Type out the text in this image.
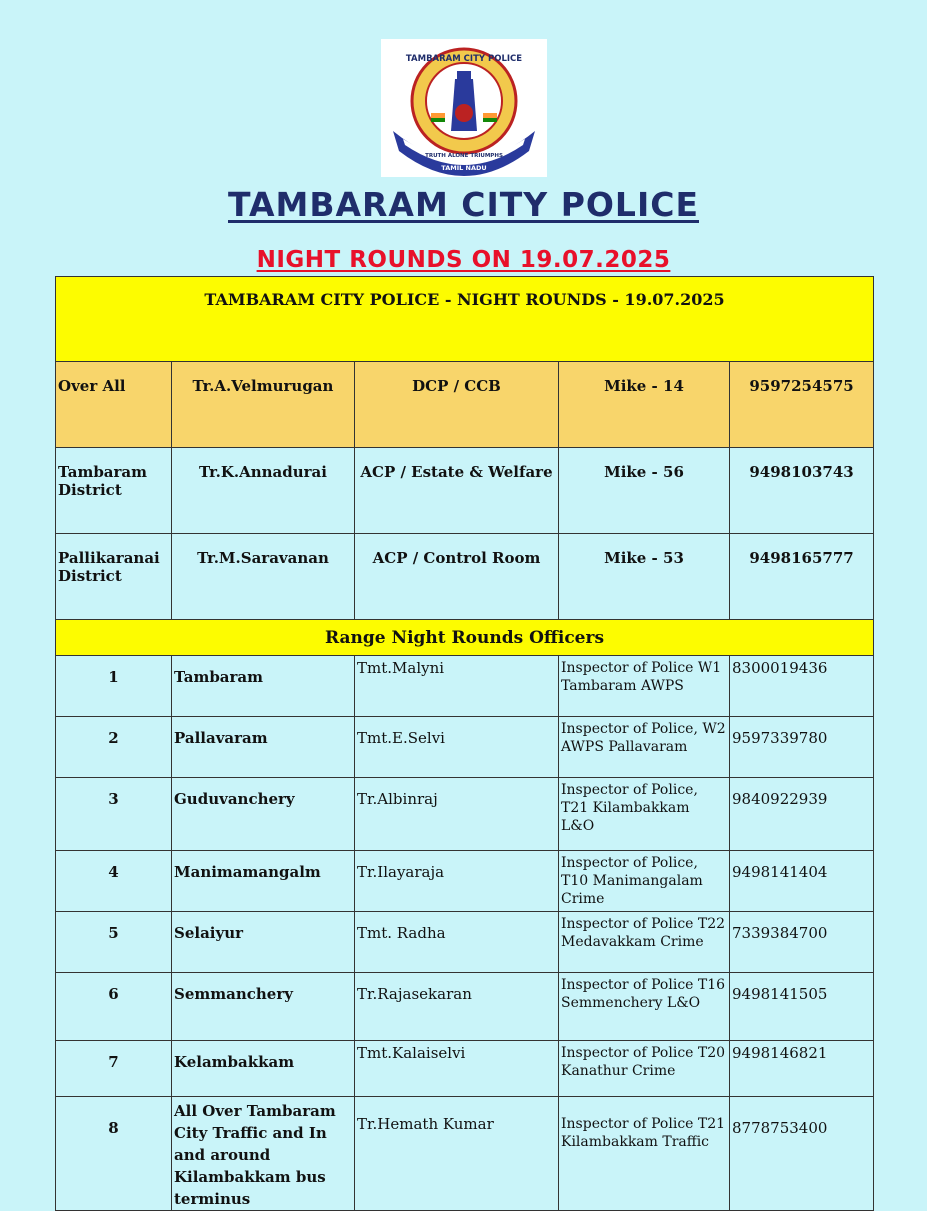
TAMBARAM CITY POLICE
TRUTH ALONE TRIUMPHS
TAMIL NADU
TAMBARAM CITY POLICE
NIGHT ROUNDS ON 19.07.2025
TAMBARAM CITY POLICE - NIGHT ROUNDS - 19.07.2025				
Over All	Tr.A.Velmurugan	DCP / CCB	Mike - 14	9597254575
Tambaram District	Tr.K.Annadurai	ACP / Estate & Welfare	Mike - 56	9498103743
Pallikaranai District	Tr.M.Saravanan	ACP / Control Room	Mike - 53	9498165777
Range Night Rounds Officers				
1	Tambaram	Tmt.Malyni	Inspector of Police W1 Tambaram AWPS	8300019436
2	Pallavaram	Tmt.E.Selvi	Inspector of Police, W2 AWPS Pallavaram	9597339780
3	Guduvanchery	Tr.Albinraj	Inspector of Police, T21 Kilambakkam L&O	9840922939
4	Manimamangalm	Tr.Ilayaraja	Inspector of Police, T10 Manimangalam Crime	9498141404
5	Selaiyur	Tmt. Radha	Inspector of Police T22 Medavakkam Crime	7339384700
6	Semmanchery	Tr.Rajasekaran	Inspector of Police T16 Semmenchery L&O	9498141505
7	Kelambakkam	Tmt.Kalaiselvi	Inspector of Police T20 Kanathur Crime	9498146821
8	All Over Tambaram City Traffic and In and around Kilambakkam bus terminus	Tr.Hemath Kumar	Inspector of Police T21 Kilambakkam Traffic	8778753400
